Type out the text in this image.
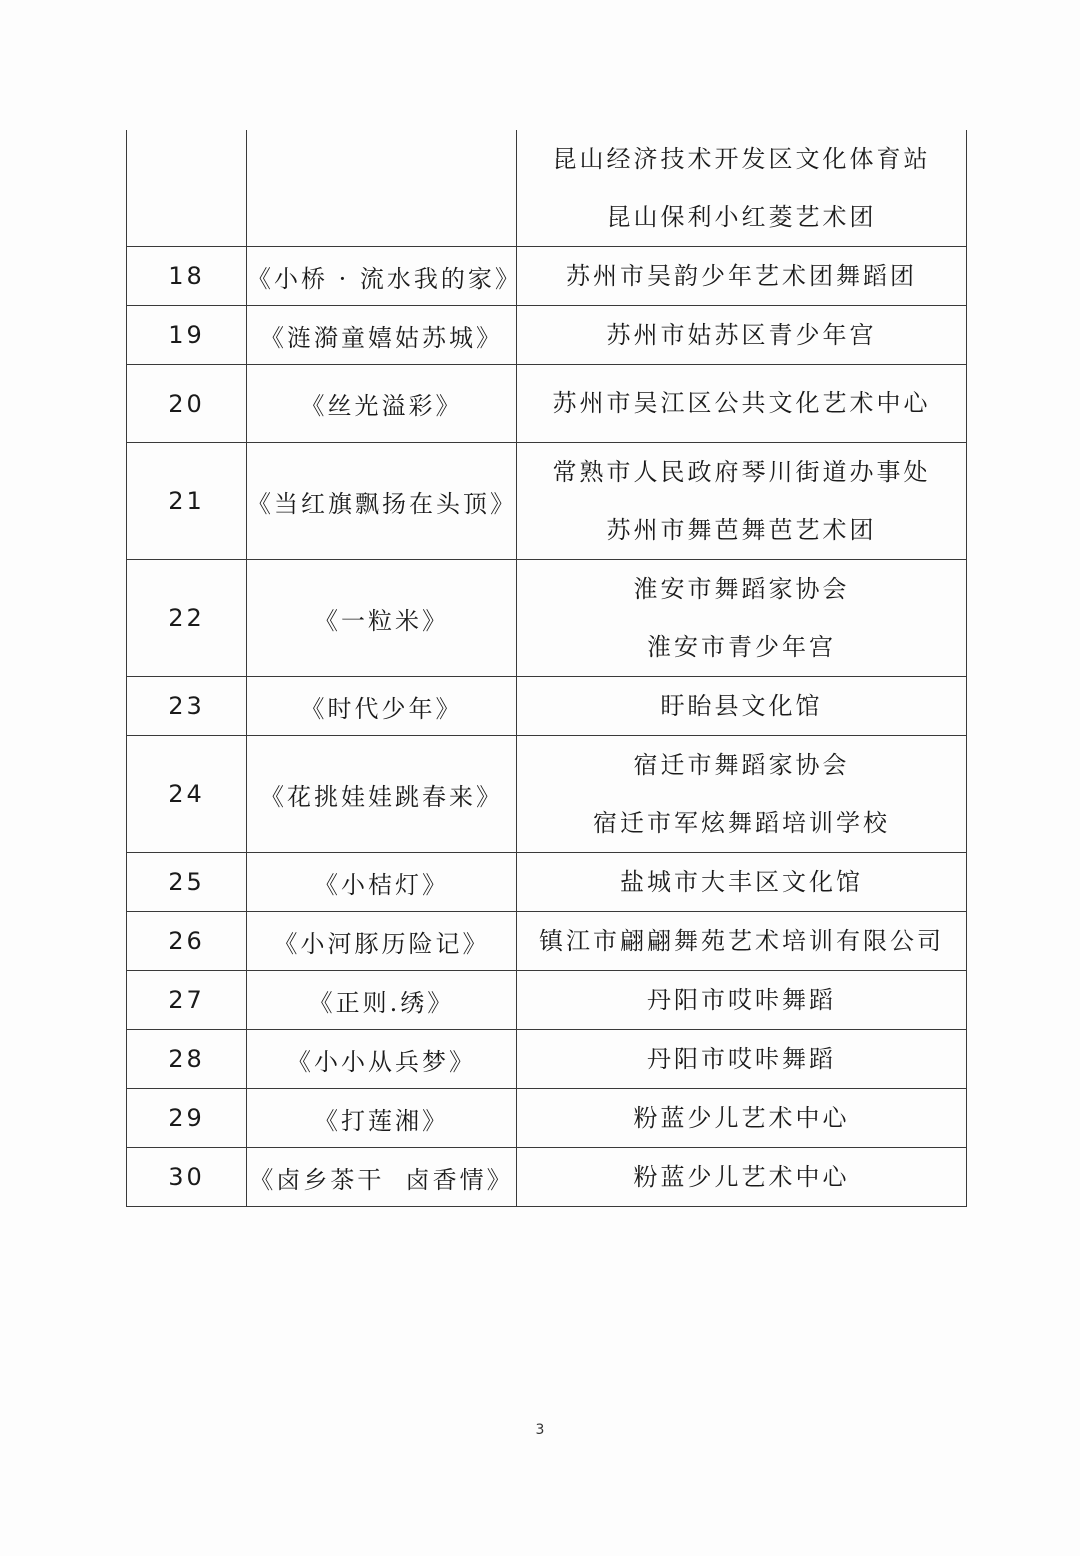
		昆山经济技术开发区文化体育站
昆山保利小红菱艺术团

18	《小桥 · 流水我的家》	苏州市吴韵少年艺术团舞蹈团

19	《涟漪童嬉姑苏城》	苏州市姑苏区青少年宫

20	《丝光溢彩》	苏州市吴江区公共文化艺术中心

21	《当红旗飘扬在头顶》	常熟市人民政府琴川街道办事处
苏州市舞芭舞芭艺术团

22	《一粒米》	淮安市舞蹈家协会
淮安市青少年宫

23	《时代少年》	盱眙县文化馆

24	《花挑娃娃跳春来》	宿迁市舞蹈家协会
宿迁市军炫舞蹈培训学校

25	《小桔灯》	盐城市大丰区文化馆

26	《小河豚历险记》	镇江市翩翩舞苑艺术培训有限公司

27	《正则.绣》	丹阳市哎咔舞蹈

28	《小小从兵梦》	丹阳市哎咔舞蹈

29	《打莲湘》	粉蓝少儿艺术中心

30	《卤乡茶干  卤香情》	粉蓝少儿艺术中心
3
